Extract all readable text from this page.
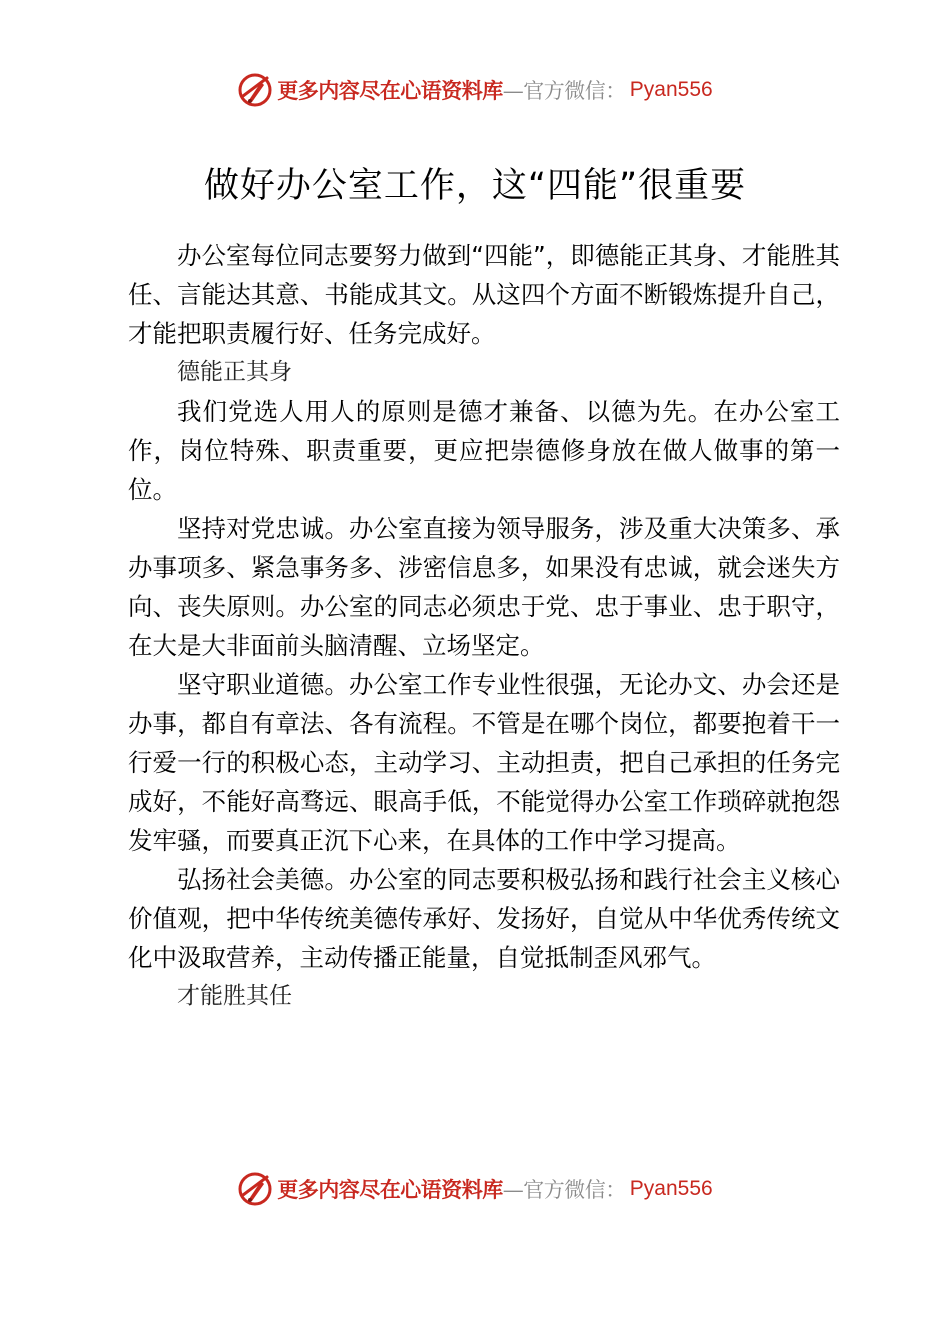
更多内容尽在心语资料库 —官方微信： Pyan556
做好办公室工作，这“四能”很重要

办公室每位同志要努力做到“四能”，即德能正其身、才能胜其任、言能达其意、书能成其文。从这四个方面不断锻炼提升自己，才能把职责履行好、任务完成好。

德能正其身

我们党选人用人的原则是德才兼备、以德为先。在办公室工作，岗位特殊、职责重要，更应把崇德修身放在做人做事的第一位。

坚持对党忠诚。办公室直接为领导服务，涉及重大决策多、承办事项多、紧急事务多、涉密信息多，如果没有忠诚，就会迷失方向、丧失原则。办公室的同志必须忠于党、忠于事业、忠于职守，在大是大非面前头脑清醒、立场坚定。

坚守职业道德。办公室工作专业性很强，无论办文、办会还是办事，都自有章法、各有流程。不管是在哪个岗位，都要抱着干一行爱一行的积极心态，主动学习、主动担责，把自己承担的任务完成好，不能好高骛远、眼高手低，不能觉得办公室工作琐碎就抱怨发牢骚，而要真正沉下心来，在具体的工作中学习提高。

弘扬社会美德。办公室的同志要积极弘扬和践行社会主义核心价值观，把中华传统美德传承好、发扬好，自觉从中华优秀传统文化中汲取营养，主动传播正能量，自觉抵制歪风邪气。

才能胜其任

更多内容尽在心语资料库 —官方微信： Pyan556
